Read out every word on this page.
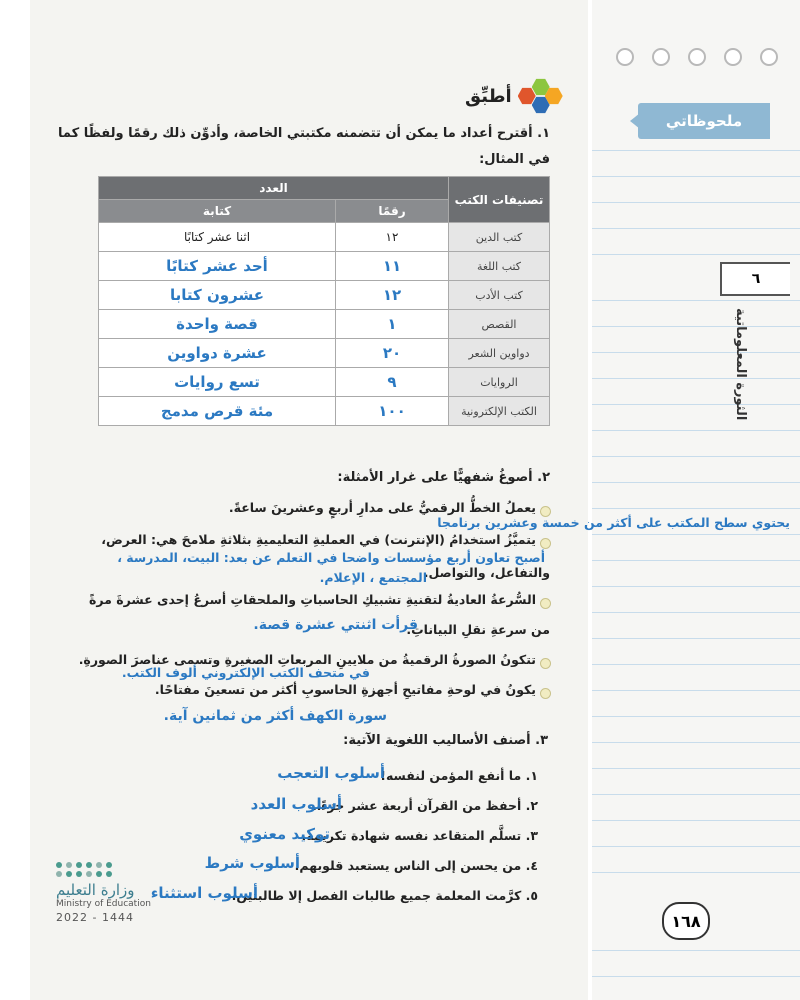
ملحوظاتي
٦
الثورة المعلوماتية
أطبِّق
١. أقترح أعداد ما يمكن أن تتضمنه مكتبتي الخاصة، وأدوِّن ذلك رقمًا ولفظًا كما
في المثال:
تصنيفات الكتب	العدد	
	رقمًا	كتابة
كتب الدين	١٢	اثنا عشر كتابًا
كتب اللغة	١١	أحد عشر كتابًا
كتب الأدب	١٢	عشرون كتابا
القصص	١	قصة واحدة
دواوين الشعر	٢٠	عشرة دواوين
الروايات	٩	تسع روايات
الكتب الإلكترونية	١٠٠	مئة قرص مدمج
٢. أصوغُ شفهيًّا على غرار الأمثلة:
يعملُ الخطُّ الرقميُّ على مدارِ أربعٍ وعشرينَ ساعةً.
يحتوي سطح المكتب على أكثر من خمسة وعشرين برنامجا
يتميَّزُ استخدامُ (الإنترنت) في العمليةِ التعليميةِ بثلاثةِ ملامحَ هي: العرض،
أصبح تعاون أربع مؤسسات واضحا في التعلم عن بعد: البيت، المدرسة ،
والتفاعل، والتواصل.
المجتمع ، الإعلام.
السُّرعةُ العاديةُ لتقنيةِ تشبيكِ الحاسباتِ والملحقاتِ أسرعُ إحدى عشرةَ مرةً
من سرعةِ نقلِ البياناتِ.
قرأت اثنتي عشرة قصة.
تتكونُ الصورةُ الرقميةُ من ملايينِ المربعاتِ الصغيرةِ وتسمى عناصرَ الصورةِ.
في متحف الكتب الإلكتروني ألوف الكتب.
يكونُ في لوحةِ مفاتيحِ أجهزةِ الحاسوبِ أكثر من تسعينَ مفتاحًا.
سورة الكهف أكثر من ثمانين آية.
٣. أصنف الأساليب اللغوية الآتية:
١. ما أنفع المؤمن لنفسه!
أسلوب التعجب
٢. أحفظ من القرآن أربعة عشر جزءًا.
أسلوب العدد
٣. تسلَّم المتقاعد نفسه شهادة تكريمه.
توكيد معنوي
٤. من يحسن إلى الناس يستعبد قلوبهم.
أسلوب شرط
٥. كرَّمت المعلمة جميع طالبات الفصل إلا طالبتين.
أسلوب استثناء
١٦٨
وزارة التعليم
Ministry of Education
2022 - 1444
